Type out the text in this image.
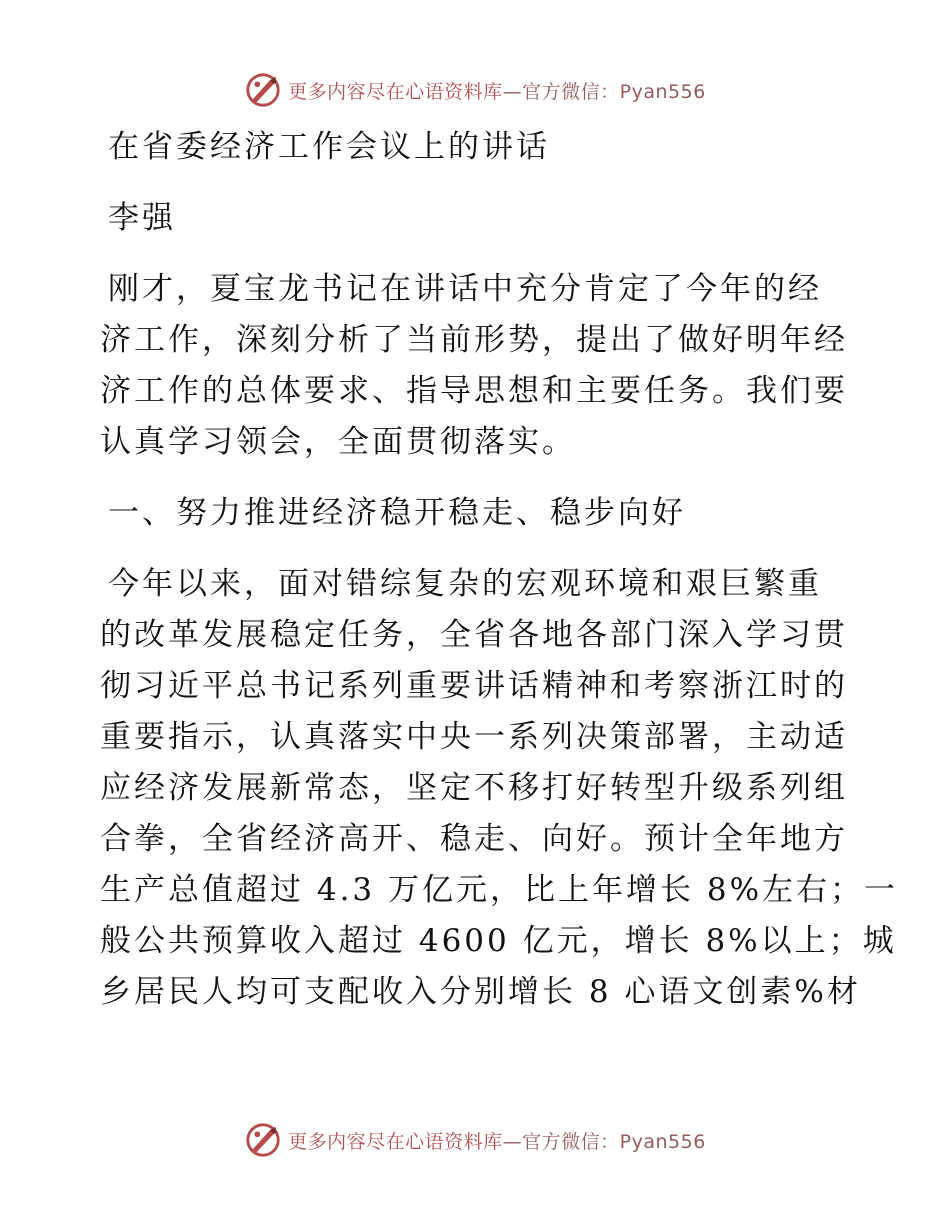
更多内容尽在心语资料库—官方微信：Pyan556

在省委经济工作会议上的讲话

李强

刚才，夏宝龙书记在讲话中充分肯定了今年的经

济工作，深刻分析了当前形势，提出了做好明年经

济工作的总体要求、指导思想和主要任务。我们要

认真学习领会，全面贯彻落实。

一、努力推进经济稳开稳走、稳步向好

今年以来，面对错综复杂的宏观环境和艰巨繁重

的改革发展稳定任务，全省各地各部门深入学习贯

彻习近平总书记系列重要讲话精神和考察浙江时的

重要指示，认真落实中央一系列决策部署，主动适

应经济发展新常态，坚定不移打好转型升级系列组

合拳，全省经济高开、稳走、向好。预计全年地方

生产总值超过 4.3 万亿元，比上年增长 8%左右；一

般公共预算收入超过 4600 亿元，增长 8%以上；城

乡居民人均可支配收入分别增长 8 心语文创素%材

更多内容尽在心语资料库—官方微信：Pyan556
